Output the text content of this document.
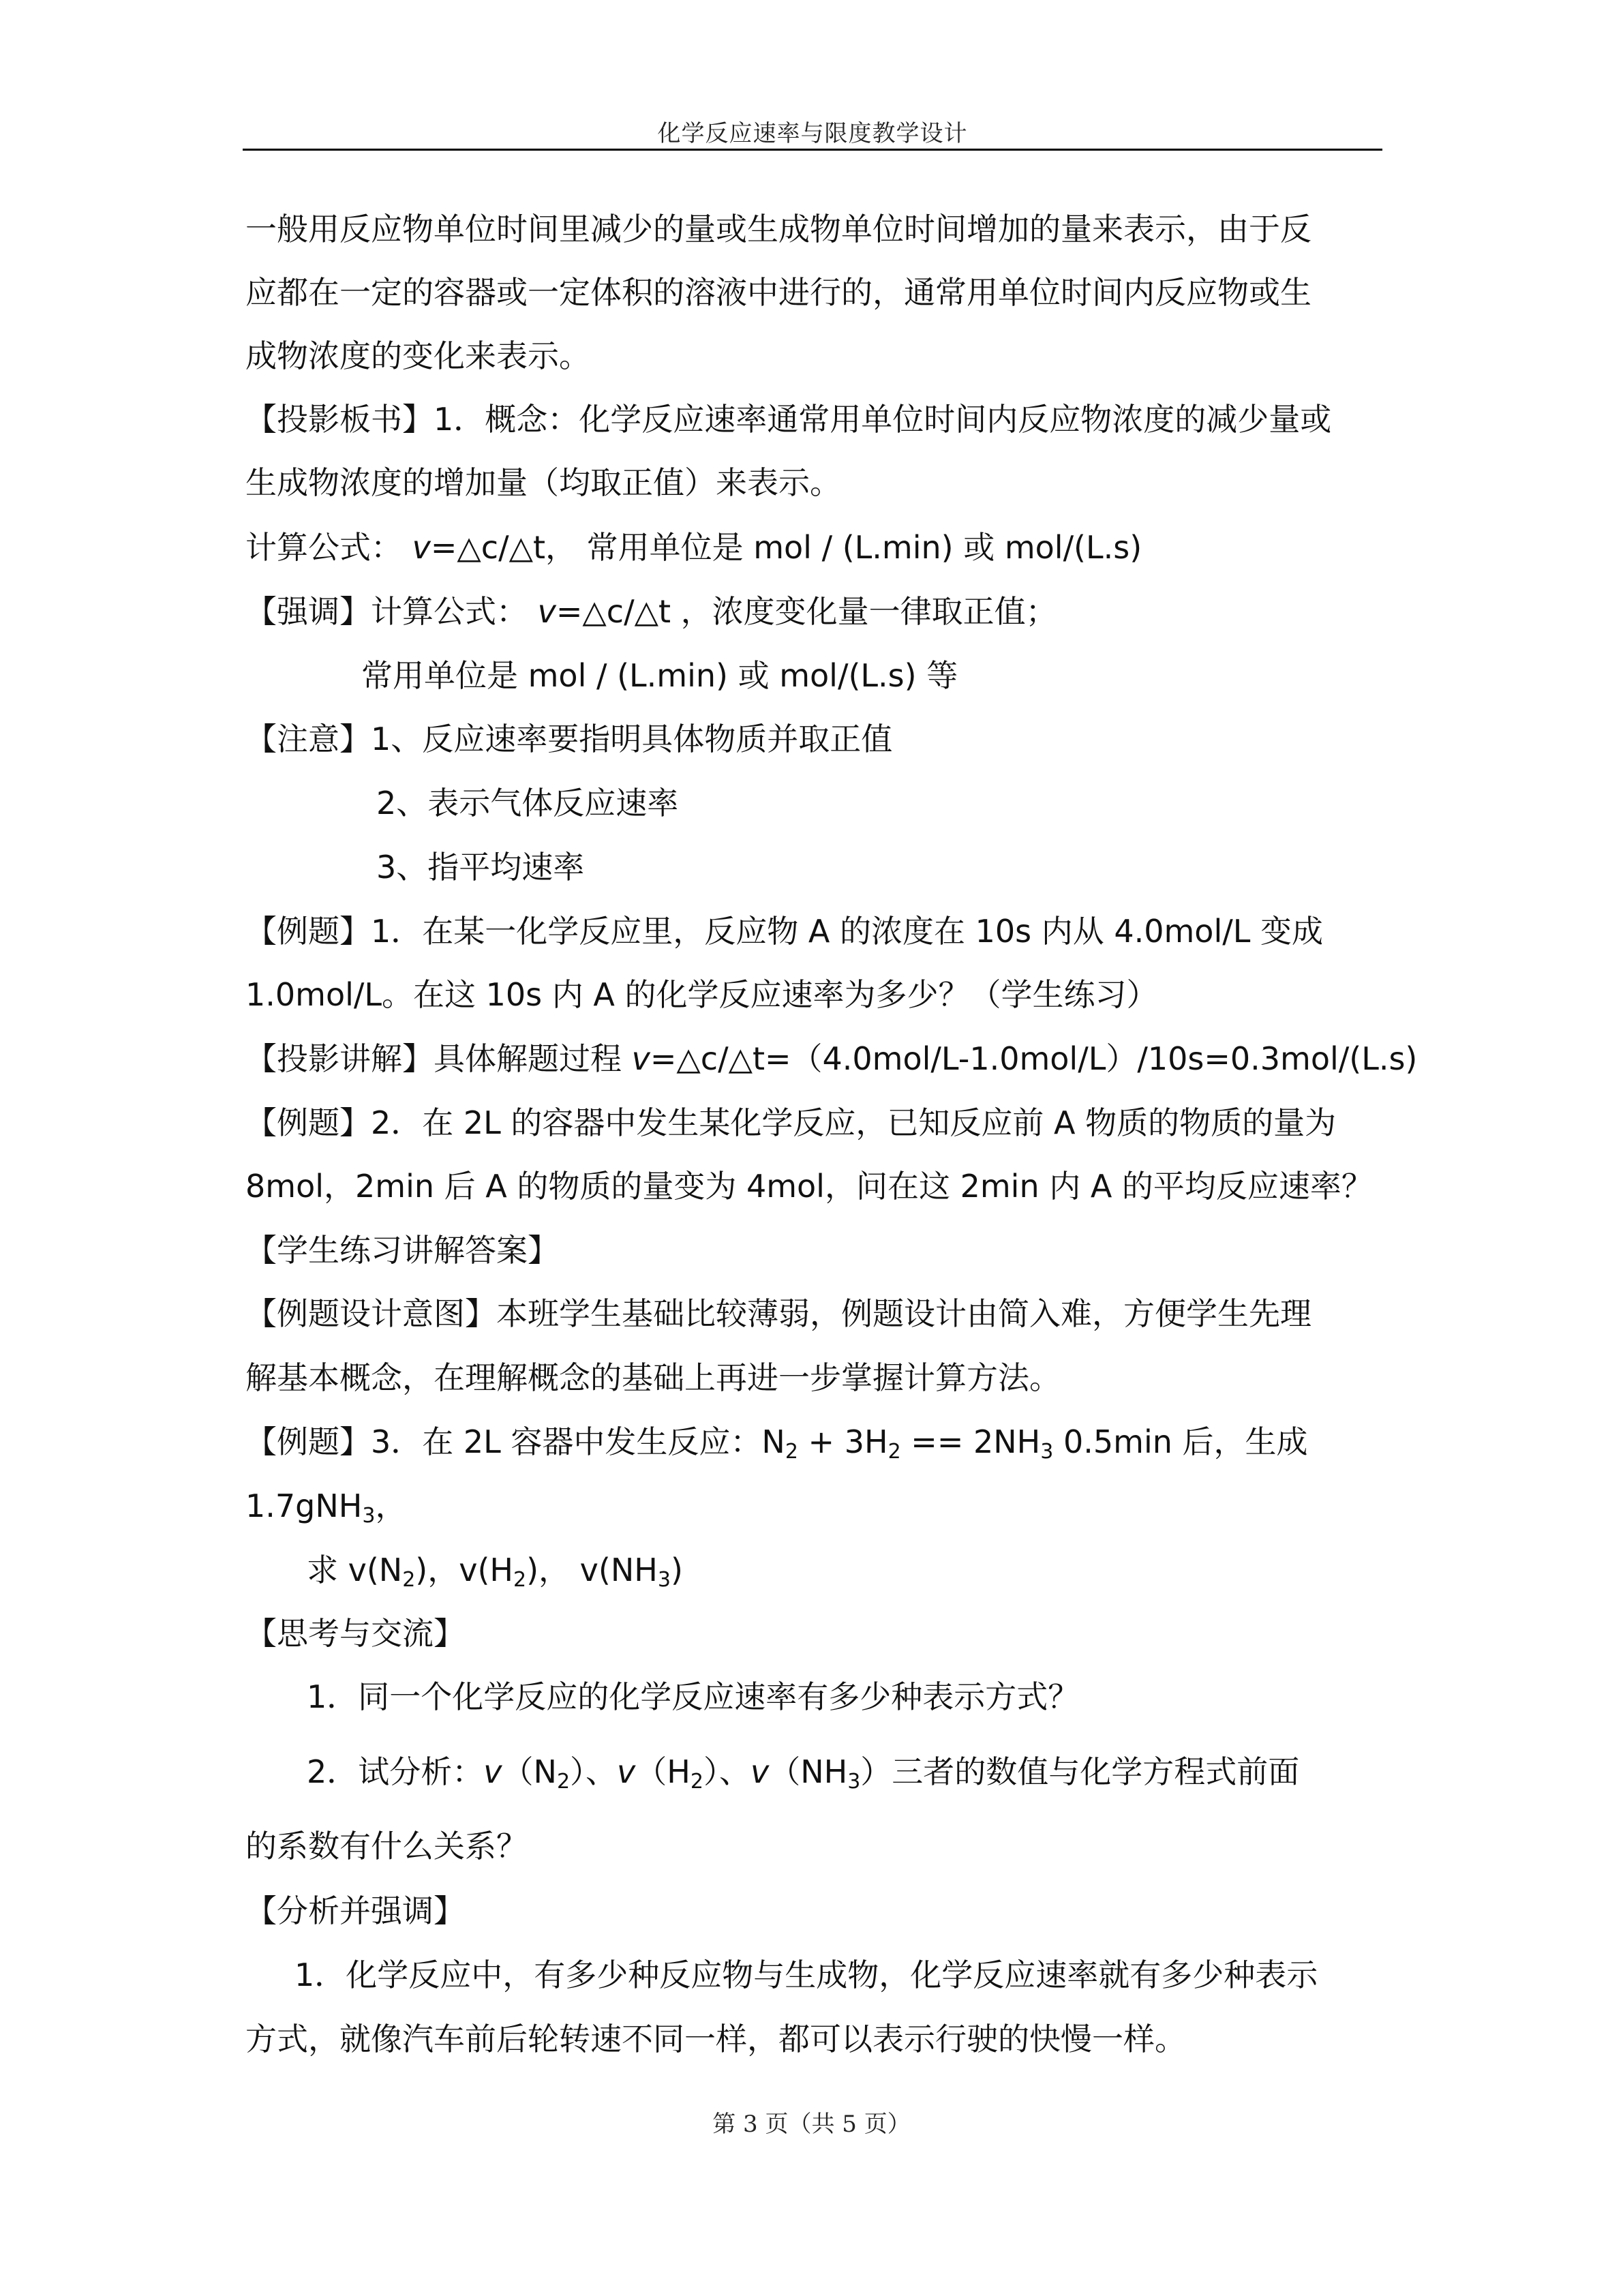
化学反应速率与限度教学设计
一般用反应物单位时间里减少的量或生成物单位时间增加的量来表示，由于反
应都在一定的容器或一定体积的溶液中进行的，通常用单位时间内反应物或生
成物浓度的变化来表示。
【投影板书】1．概念：化学反应速率通常用单位时间内反应物浓度的减少量或
生成物浓度的增加量（均取正值）来表示。
计算公式： v=△c/△t， 常用单位是 mol / (L.min) 或 mol/(L.s)
【强调】计算公式： v=△c/△t ，浓度变化量一律取正值；
常用单位是 mol / (L.min) 或 mol/(L.s) 等
【注意】1、反应速率要指明具体物质并取正值
2、表示气体反应速率
3、指平均速率
【例题】1．在某一化学反应里，反应物 A 的浓度在 10s 内从 4.0mol/L 变成
1.0mol/L。在这 10s 内 A 的化学反应速率为多少？（学生练习）
【投影讲解】具体解题过程 v=△c/△t=（4.0mol/L-1.0mol/L）/10s=0.3mol/(L.s)
【例题】2．在 2L 的容器中发生某化学反应，已知反应前 A 物质的物质的量为
8mol，2min 后 A 的物质的量变为 4mol，问在这 2min 内 A 的平均反应速率？
【学生练习讲解答案】
【例题设计意图】本班学生基础比较薄弱，例题设计由简入难，方便学生先理
解基本概念，在理解概念的基础上再进一步掌握计算方法。
【例题】3．在 2L 容器中发生反应：$N_2 + 3H_2 == 2NH_3$ 0.5min 后，生成
1.7gNH$_3$，
求 $v(N_2)$，$v(H_2)$， $v(NH_3)$
【思考与交流】
1．同一个化学反应的化学反应速率有多少种表示方式？
2．试分析：$v(N_2)$、$v(H_2)$、$v(NH_3)$三者的数值与化学方程式前面
的系数有什么关系？
【分析并强调】
1．化学反应中，有多少种反应物与生成物，化学反应速率就有多少种表示
方式，就像汽车前后轮转速不同一样，都可以表示行驶的快慢一样。
第 3 页（共 5 页）
